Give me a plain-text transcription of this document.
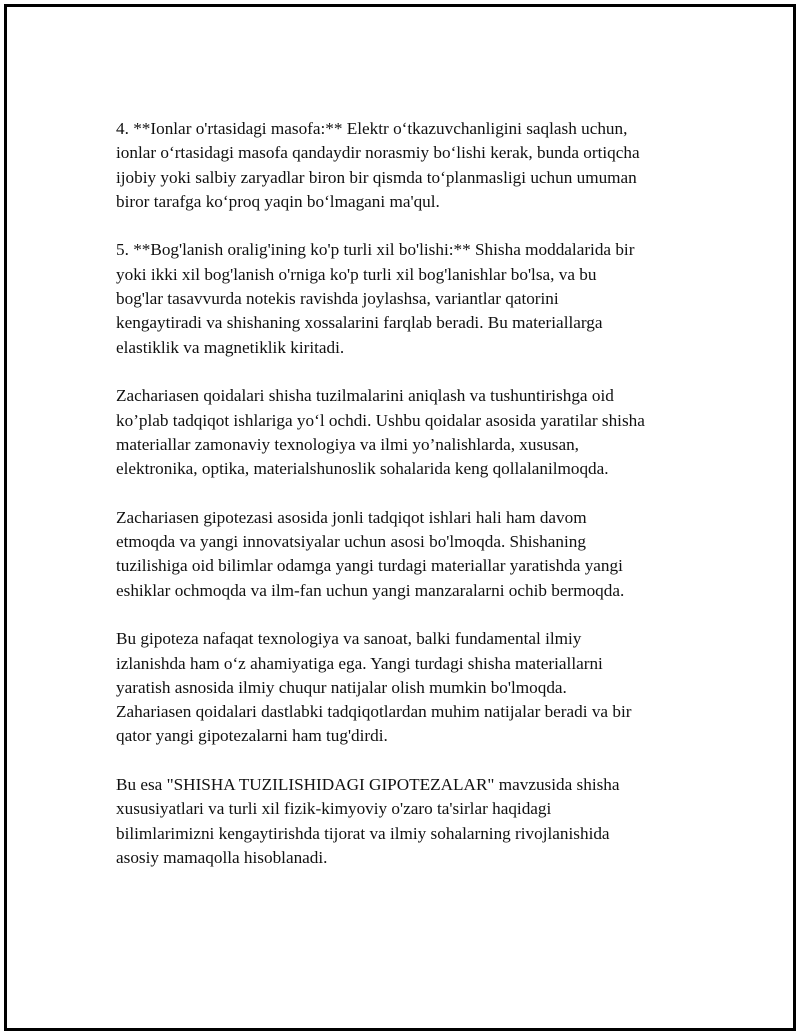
4. **Ionlar o'rtasidagi masofa:** Elektr o‘tkazuvchanligini saqlash uchun,
ionlar o‘rtasidagi masofa qandaydir norasmiy bo‘lishi kerak, bunda ortiqcha
ijobiy yoki salbiy zaryadlar biron bir qismda to‘planmasligi uchun umuman
biror tarafga ko‘proq yaqin bo‘lmagani ma'qul.

5. **Bog'lanish oralig'ining ko'p turli xil bo'lishi:** Shisha moddalarida bir
yoki ikki xil bog'lanish o'rniga ko'p turli xil bog'lanishlar bo'lsa, va bu
bog'lar tasavvurda notekis ravishda joylashsa, variantlar qatorini
kengaytiradi va shishaning xossalarini farqlab beradi. Bu materiallarga
elastiklik va magnetiklik kiritadi.

Zachariasen qoidalari shisha tuzilmalarini aniqlash va tushuntirishga oid
ko’plab tadqiqot ishlariga yo‘l ochdi. Ushbu qoidalar asosida yaratilar shisha
materiallar zamonaviy texnologiya va ilmi yo’nalishlarda, xususan,
elektronika, optika, materialshunoslik sohalarida keng qollalanilmoqda.

Zachariasen gipotezasi asosida jonli tadqiqot ishlari hali ham davom
etmoqda va yangi innovatsiyalar uchun asosi bo'lmoqda. Shishaning
tuzilishiga oid bilimlar odamga yangi turdagi materiallar yaratishda yangi
eshiklar ochmoqda va ilm-fan uchun yangi manzaralarni ochib bermoqda.

Bu gipoteza nafaqat texnologiya va sanoat, balki fundamental ilmiy
izlanishda ham o‘z ahamiyatiga ega. Yangi turdagi shisha materiallarni
yaratish asnosida ilmiy chuqur natijalar olish mumkin bo'lmoqda.
Zahariasen qoidalari dastlabki tadqiqotlardan muhim natijalar beradi va bir
qator yangi gipotezalarni ham tug'dirdi.

Bu esa "SHISHA TUZILISHIDAGI GIPOTEZALAR" mavzusida shisha
xususiyatlari va turli xil fizik-kimyoviy o'zaro ta'sirlar haqidagi
bilimlarimizni kengaytirishda tijorat va ilmiy sohalarning rivojlanishida
asosiy mamaqolla hisoblanadi.
